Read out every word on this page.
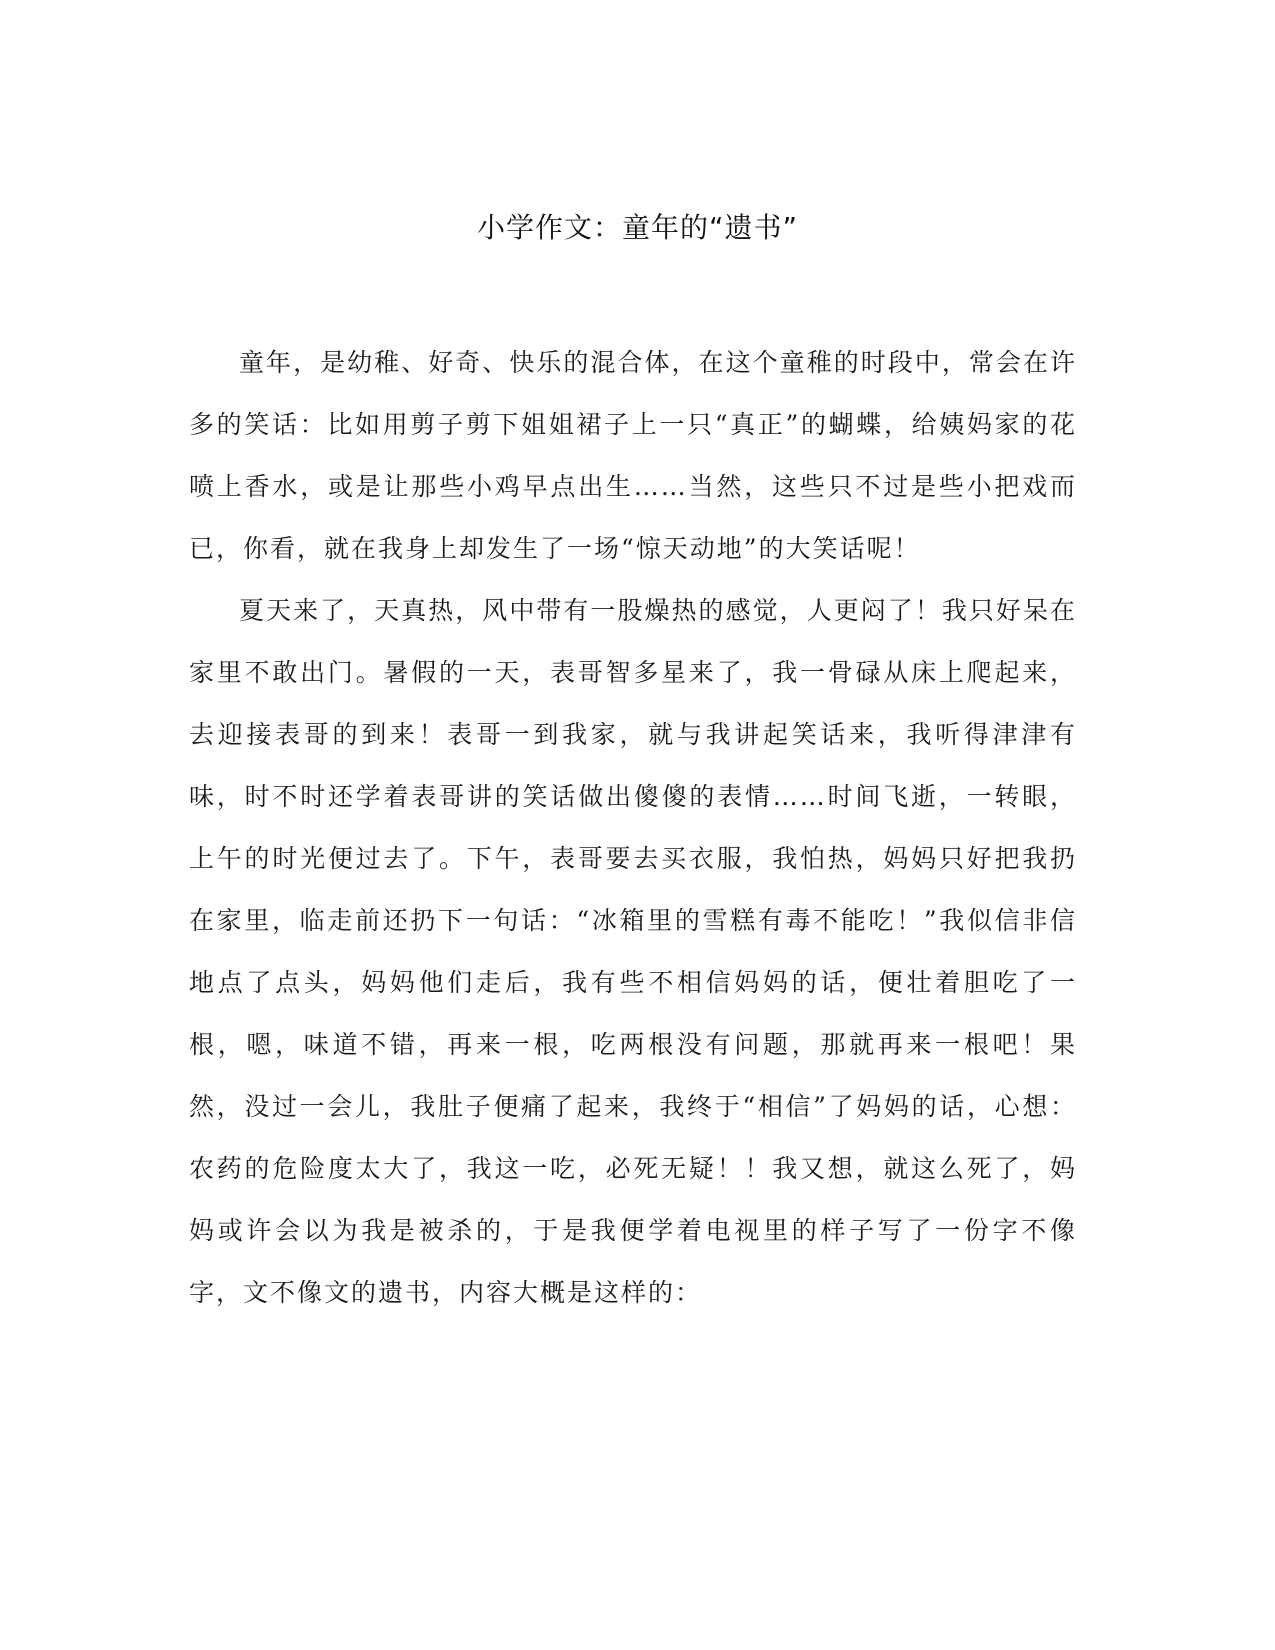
小学作文：童年的“遗书”

童年，是幼稚、好奇、快乐的混合体，在这个童稚的时段中，常会在许多的笑话：比如用剪子剪下姐姐裙子上一只“真正”的蝴蝶，给姨妈家的花喷上香水，或是让那些小鸡早点出生……当然，这些只不过是些小把戏而已，你看，就在我身上却发生了一场“惊天动地”的大笑话呢！

夏天来了，天真热，风中带有一股燥热的感觉，人更闷了！我只好呆在家里不敢出门。暑假的一天，表哥智多星来了，我一骨碌从床上爬起来，去迎接表哥的到来！表哥一到我家，就与我讲起笑话来，我听得津津有味，时不时还学着表哥讲的笑话做出傻傻的表情……时间飞逝，一转眼，上午的时光便过去了。下午，表哥要去买衣服，我怕热，妈妈只好把我扔在家里，临走前还扔下一句话：“冰箱里的雪糕有毒不能吃！”我似信非信地点了点头，妈妈他们走后，我有些不相信妈妈的话，便壮着胆吃了一根，嗯，味道不错，再来一根，吃两根没有问题，那就再来一根吧！果然，没过一会儿，我肚子便痛了起来，我终于“相信”了妈妈的话，心想：农药的危险度太大了，我这一吃，必死无疑！！我又想，就这么死了，妈妈或许会以为我是被杀的，于是我便学着电视里的样子写了一份字不像字，文不像文的遗书，内容大概是这样的：
